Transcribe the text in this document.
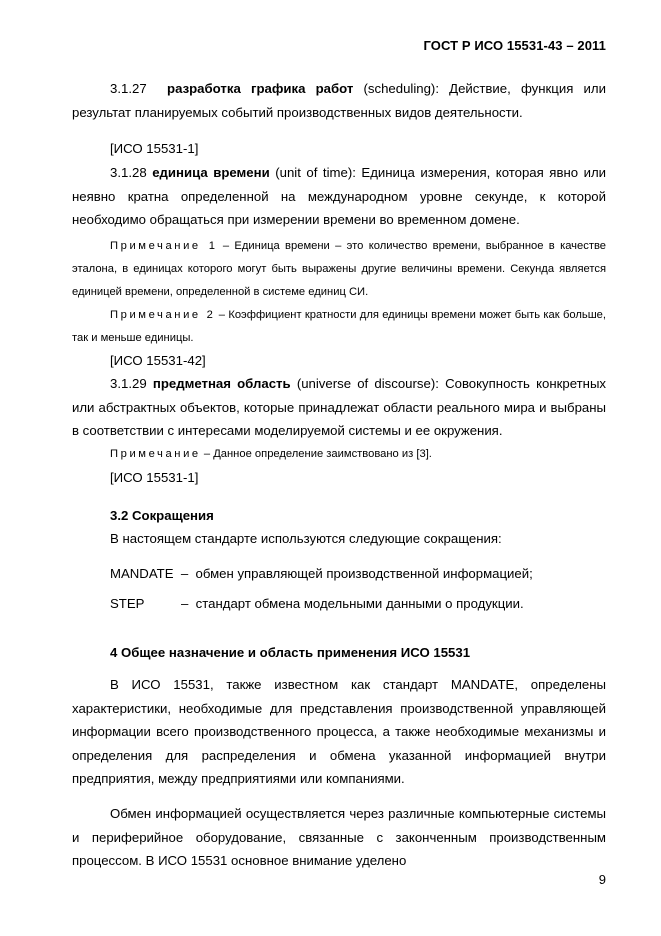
ГОСТ Р ИСО 15531-43 – 2011

3.1.27 разработка графика работ (scheduling): Действие, функция или результат планируемых событий производственных видов деятельности.

[ИСО 15531-1]

3.1.28 единица времени (unit of time): Единица измерения, которая явно или неявно кратна определенной на международном уровне секунде, к которой необходимо обращаться при измерении времени во временном домене.

Примечание 1 – Единица времени – это количество времени, выбранное в качестве эталона, в единицах которого могут быть выражены другие величины времени. Секунда является единицей времени, определенной в системе единиц СИ.

Примечание 2 – Коэффициент кратности для единицы времени может быть как больше, так и меньше единицы.

[ИСО 15531-42]

3.1.29 предметная область (universe of discourse): Совокупность конкретных или абстрактных объектов, которые принадлежат области реального мира и выбраны в соответствии с интересами моделируемой системы и ее окружения.

Примечание – Данное определение заимствовано из [3].

[ИСО 15531-1]

3.2 Сокращения

В настоящем стандарте используются следующие сокращения:

MANDATE – обмен управляющей производственной информацией;

STEP	– стандарт обмена модельными данными о продукции.

4 Общее назначение и область применения ИСО 15531

В ИСО 15531, также известном как стандарт MANDATE, определены характеристики, необходимые для представления производственной управляющей информации всего производственного процесса, а также необходимые механизмы и определения для распределения и обмена указанной информацией внутри предприятия, между предприятиями или компаниями.

Обмен информацией осуществляется через различные компьютерные системы и периферийное оборудование, связанные с законченным производственным процессом. В ИСО 15531 основное внимание уделено

9
